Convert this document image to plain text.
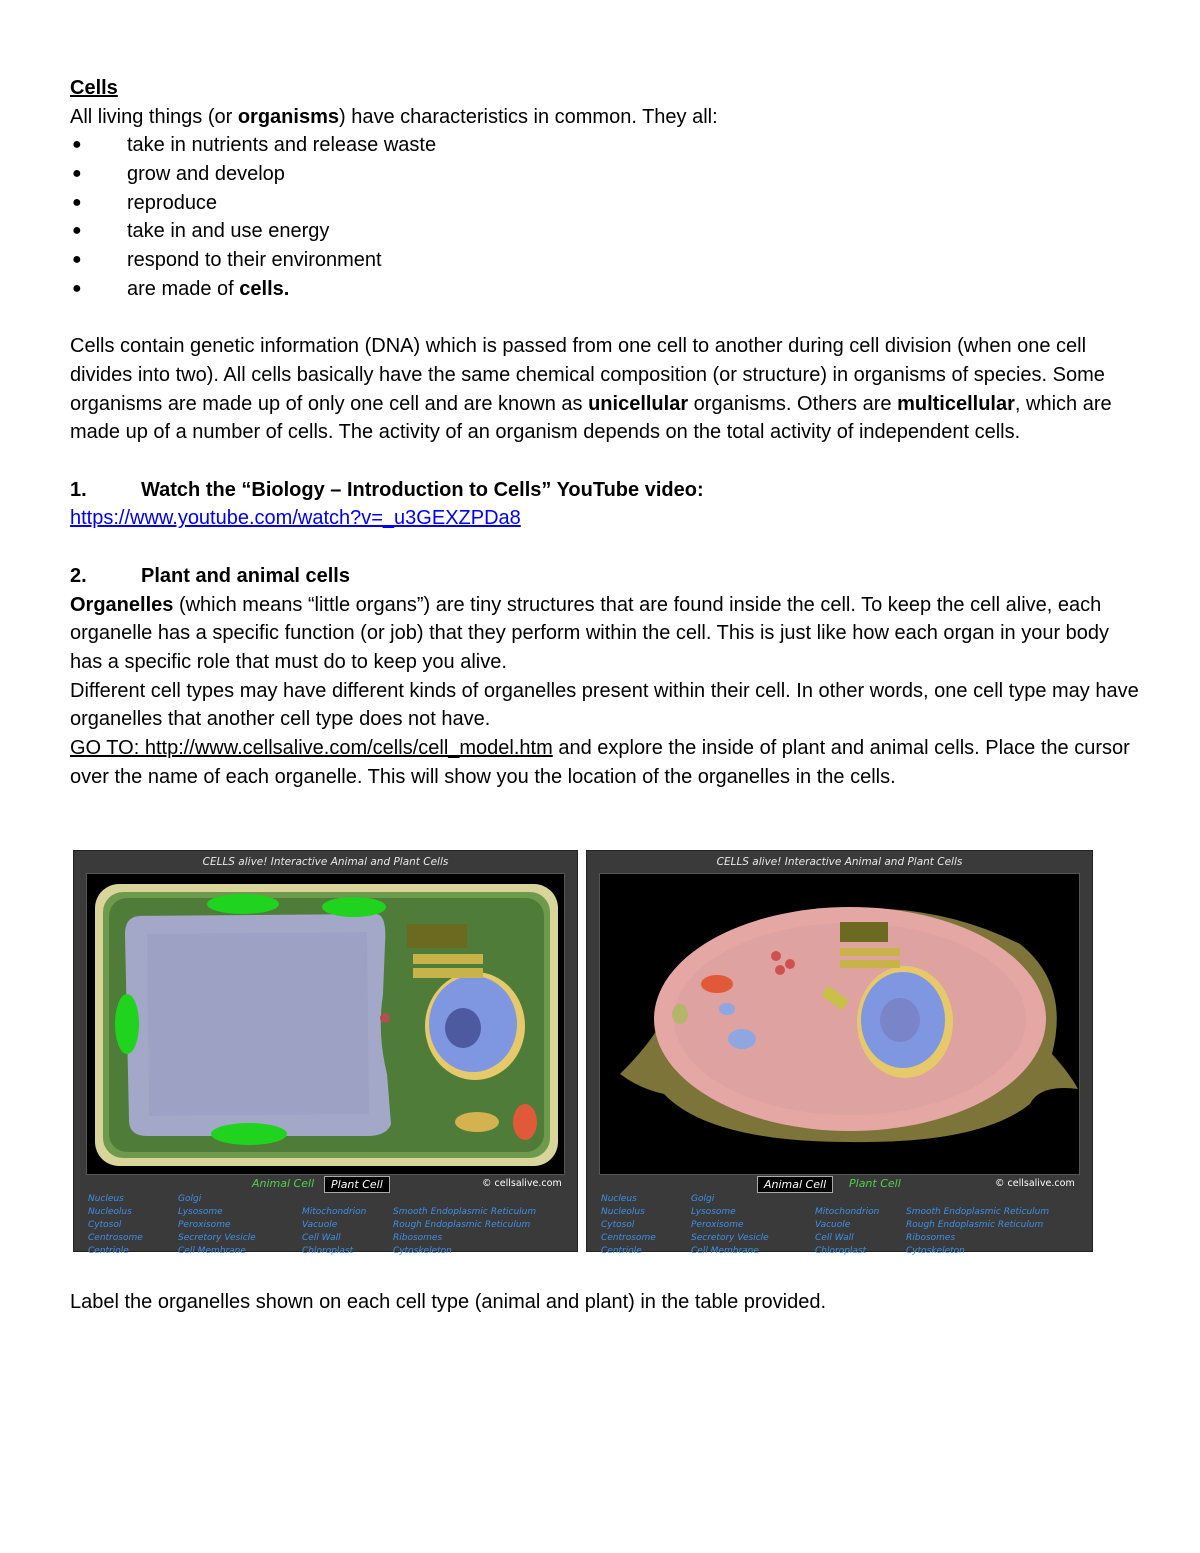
Cells

All living things (or organisms) have characteristics in common. They all:

● take in nutrients and release waste
● grow and develop
● reproduce
● take in and use energy
● respond to their environment
● are made of cells.

Cells contain genetic information (DNA) which is passed from one cell to another during cell division (when one cell divides into two). All cells basically have the same chemical composition (or structure) in organisms of species. Some organisms are made up of only one cell and are known as unicellular organisms. Others are multicellular, which are made up of a number of cells. The activity of an organism depends on the total activity of independent cells.

1.	Watch the “Biology – Introduction to Cells” YouTube video:
https://www.youtube.com/watch?v=_u3GEXZPDa8
2.	Plant and animal cells

Organelles (which means “little organs”) are tiny structures that are found inside the cell. To keep the cell alive, each organelle has a specific function (or job) that they perform within the cell. This is just like how each organ in your body has a specific role that must do to keep you alive.

Different cell types may have different kinds of organelles present within their cell. In other words, one cell type may have organelles that another cell type does not have.

GO TO: http://www.cellsalive.com/cells/cell_model.htm and explore the inside of plant and animal cells. Place the cursor over the name of each organelle. This will show you the location of the organelles in the cells.

CELLS alive! Interactive Animal and Plant Cells
Animal Cell	Plant Cell	© cellsalive.com
Nucleus
Nucleolus
Cytosol
Centrosome
Centriole
Golgi
Lysosome
Peroxisome
Secretory Vesicle
Cell Membrane
Mitochondrion
Vacuole
Cell Wall
Chloroplast
Smooth Endoplasmic Reticulum
Rough Endoplasmic Reticulum
Ribosomes
Cytoskeleton
CELLS alive! Interactive Animal and Plant Cells
Animal Cell	Plant Cell	© cellsalive.com
Nucleus
Nucleolus
Cytosol
Centrosome
Centriole
Golgi
Lysosome
Peroxisome
Secretory Vesicle
Cell Membrane
Mitochondrion
Vacuole
Cell Wall
Chloroplast
Smooth Endoplasmic Reticulum
Rough Endoplasmic Reticulum
Ribosomes
Cytoskeleton

Label the organelles shown on each cell type (animal and plant) in the table provided.
